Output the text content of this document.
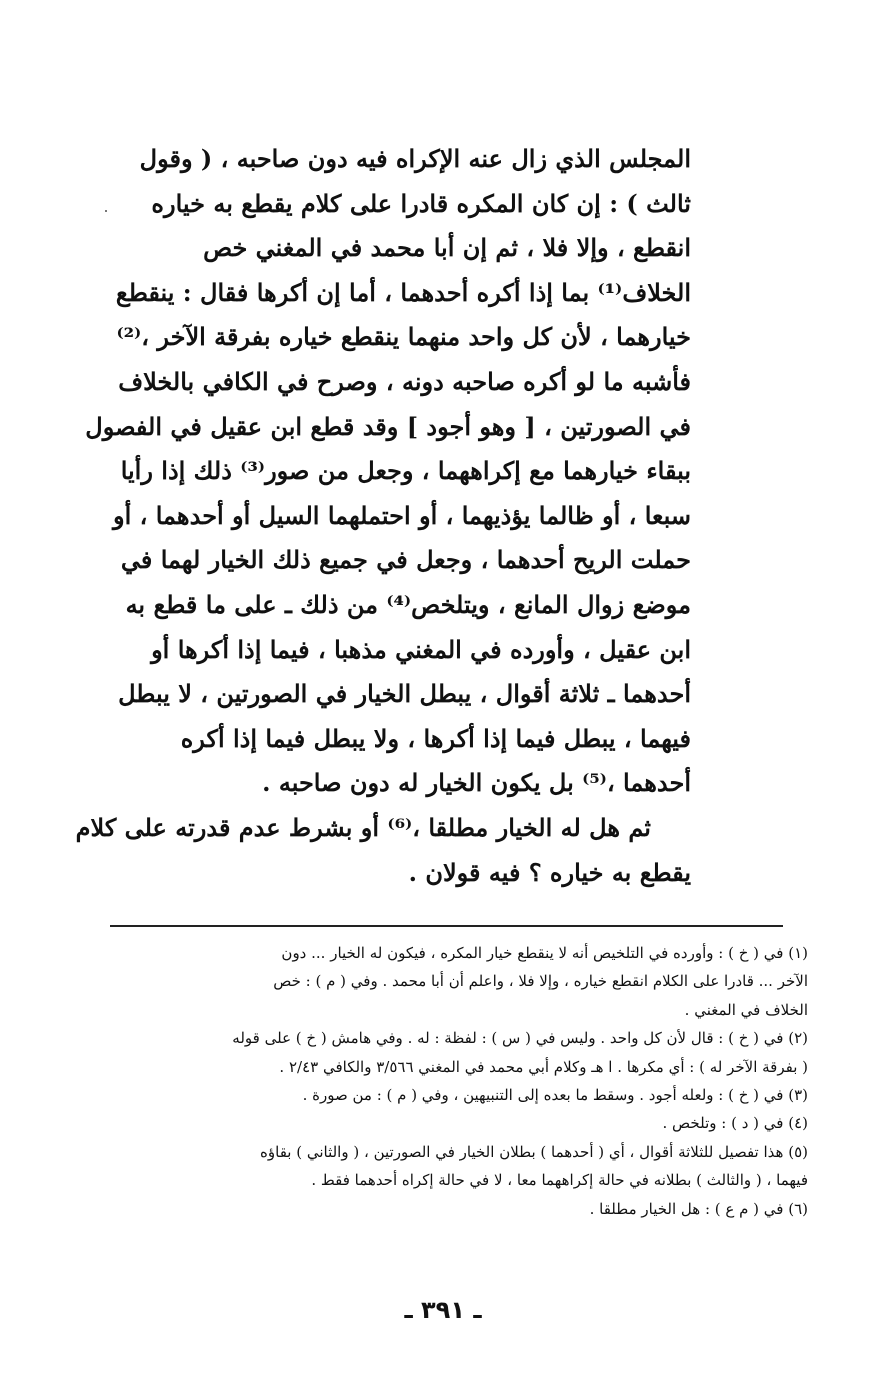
المجلس الذي زال عنه الإكراه فيه دون صاحبه ، ( وقول
ثالث ) : إن كان المكره قادرا على كلام يقطع به خياره
انقطع ، وإلا فلا ، ثم إن أبا محمد في المغني خص
الخلاف⁽¹⁾ بما إذا أكره أحدهما ، أما إن أكرها فقال : ينقطع
خيارهما ، لأن كل واحد منهما ينقطع خياره بفرقة الآخر ،⁽²⁾
فأشبه ما لو أكره صاحبه دونه ، وصرح في الكافي بالخلاف
في الصورتين ، [ وهو أجود ] وقد قطع ابن عقيل في الفصول
ببقاء خيارهما مع إكراههما ، وجعل من صور⁽³⁾ ذلك إذا رأيا
سبعا ، أو ظالما يؤذيهما ، أو احتملهما السيل أو أحدهما ، أو
حملت الريح أحدهما ، وجعل في جميع ذلك الخيار لهما في
موضع زوال المانع ، ويتلخص⁽⁴⁾ من ذلك ـ على ما قطع به
ابن عقيل ، وأورده في المغني مذهبا ، فيما إذا أكرها أو
أحدهما ـ ثلاثة أقوال ، يبطل الخيار في الصورتين ، لا يبطل
فيهما ، يبطل فيما إذا أكرها ، ولا يبطل فيما إذا أكره
أحدهما ،⁽⁵⁾ بل يكون الخيار له دون صاحبه .
ثم هل له الخيار مطلقا ،⁽⁶⁾ أو بشرط عدم قدرته على كلام
يقطع به خياره ؟ فيه قولان .
(١) في ( خ ) : وأورده في التلخيص أنه لا ينقطع خيار المكره ، فيكون له الخيار ... دون
الآخر ... قادرا على الكلام انقطع خياره ، وإلا فلا ، واعلم أن أبا محمد . وفي ( م ) : خص
الخلاف في المغني .
(٢) في ( خ ) : قال لأن كل واحد . وليس في ( س ) : لفظة : له . وفي هامش ( خ ) على قوله
( بفرقة الآخر له ) : أي مكرها . ا هـ وكلام أبي محمد في المغني ٣/٥٦٦ والكافي ٢/٤٣ .
(٣) في ( خ ) : ولعله أجود . وسقط ما بعده إلى التنبيهين ، وفي ( م ) : من صورة .
(٤) في ( د ) : وتلخص .
(٥) هذا تفصيل للثلاثة أقوال ، أي ( أحدهما ) بطلان الخيار في الصورتين ، ( والثاني ) بقاؤه
فيهما ، ( والثالث ) بطلانه في حالة إكراههما معا ، لا في حالة إكراه أحدهما فقط .
(٦) في ( م ع ) : هل الخيار مطلقا .
ـ ٣٩١ ـ
